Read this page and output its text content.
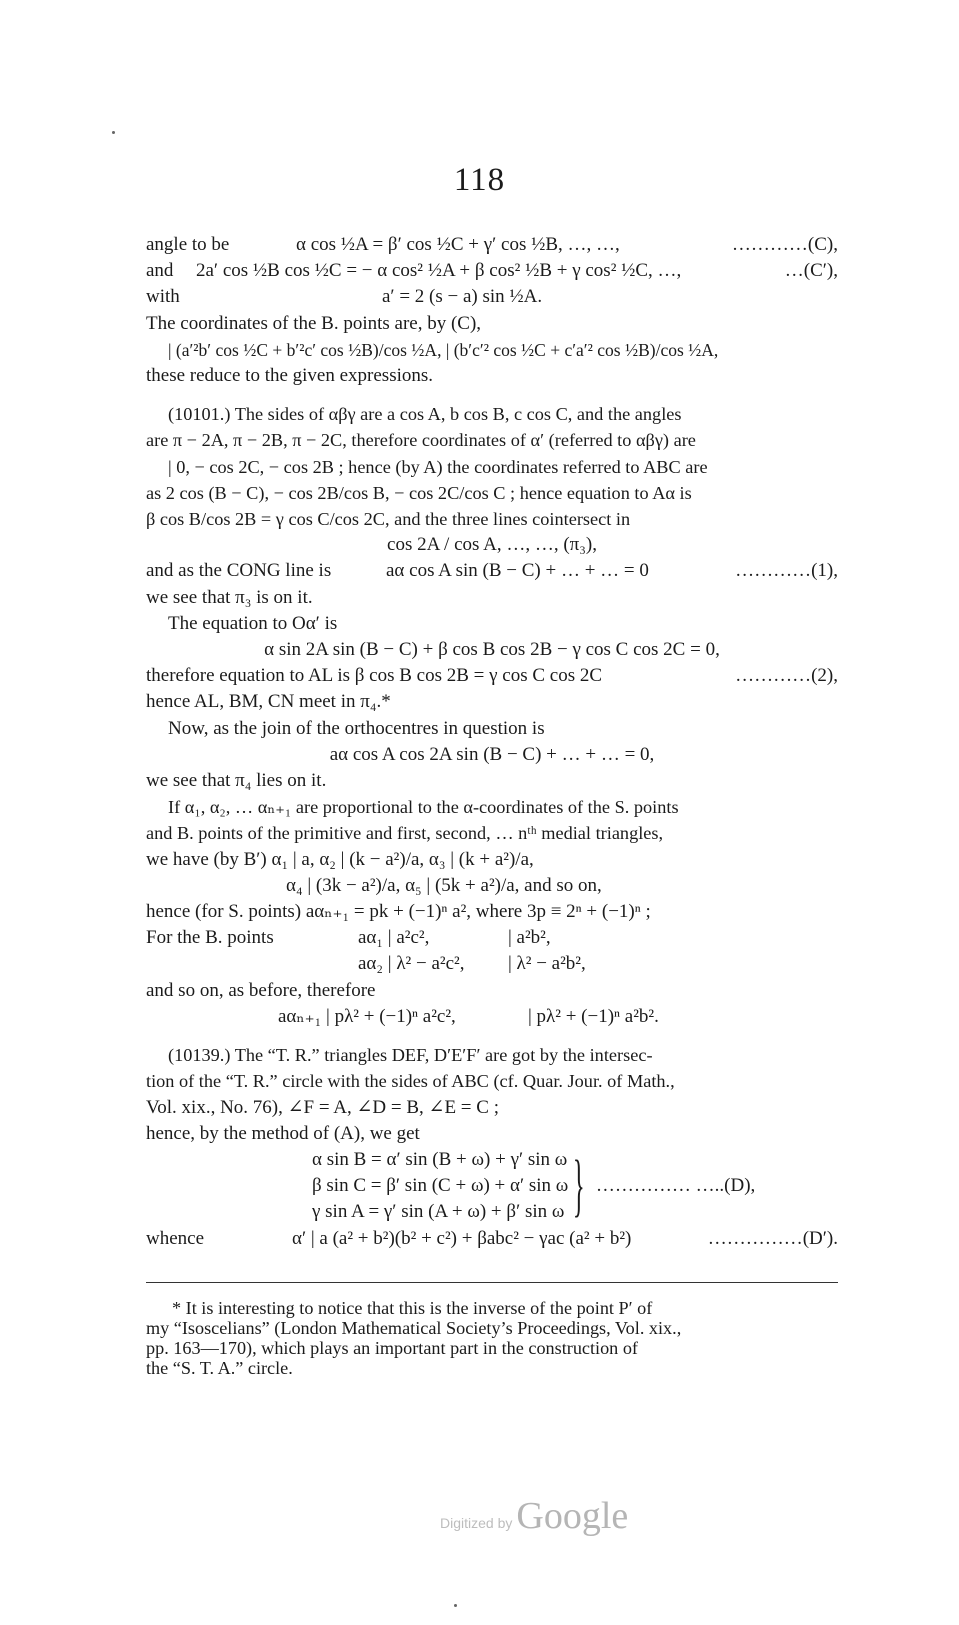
118
angle to be	α cos ½A = β′ cos ½C + γ′ cos ½B, …, …,	…………(C),
and	2a′ cos ½B cos ½C = − α cos² ½A + β cos² ½B + γ cos² ½C, …,	…(C′),
with	a′ = 2 (s − a) sin ½A.
The coordinates of the B. points are, by (C),
| (a′²b′ cos ½C + b′²c′ cos ½B)/cos ½A, | (b′c′² cos ½C + c′a′² cos ½B)/cos ½A,
these reduce to the given expressions.
(10101.) The sides of αβγ are a cos A, b cos B, c cos C, and the angles
are π − 2A, π − 2B, π − 2C, therefore coordinates of α′ (referred to αβγ) are
| 0, − cos 2C, − cos 2B ; hence (by A) the coordinates referred to ABC are
as 2 cos (B − C), − cos 2B/cos B, − cos 2C/cos C ; hence equation to Aα is
β cos B/cos 2B = γ cos C/cos 2C, and the three lines cointersect in
cos 2A / cos A, …, …, (π₃),
and as the CONG line is	aα cos A sin (B − C) + … + … = 0	…………(1),
we see that π₃ is on it.
The equation to Oα′ is
α sin 2A sin (B − C) + β cos B cos 2B − γ cos C cos 2C = 0,
therefore equation to AL is β cos B cos 2B = γ cos C cos 2C	…………(2),
hence AL, BM, CN meet in π₄.*
Now, as the join of the orthocentres in question is
aα cos A cos 2A sin (B − C) + … + … = 0,
we see that π₄ lies on it.
If α₁, α₂, … αₙ₊₁ are proportional to the α-coordinates of the S. points
and B. points of the primitive and first, second, … nᵗʰ medial triangles,
we have (by B′) α₁ | a, α₂ | (k − a²)/a, α₃ | (k + a²)/a,
α₄ | (3k − a²)/a, α₅ | (5k + a²)/a, and so on,
hence (for S. points) aαₙ₊₁ = pk + (−1)ⁿ a², where 3p ≡ 2ⁿ + (−1)ⁿ ;
For the B. points	aα₁ | a²c²,	| a²b²,
aα₂ | λ² − a²c²,	| λ² − a²b²,
and so on, as before, therefore
aαₙ₊₁ | pλ² + (−1)ⁿ a²c²,	| pλ² + (−1)ⁿ a²b².
(10139.) The “T. R.” triangles DEF, D′E′F′ are got by the intersec-
tion of the “T. R.” circle with the sides of ABC (cf. Quar. Jour. of Math.,
Vol. xix., No. 76), ∠F = A, ∠D = B, ∠E = C ;
hence, by the method of (A), we get
α sin B = α′ sin (B + ω) + γ′ sin ω
β sin C = β′ sin (C + ω) + α′ sin ω
γ sin A = γ′ sin (A + ω) + β′ sin ω } …………… …..(D),
whence	α′ | a (a² + b²)(b² + c²) + βabc² − γac (a² + b²)	……………(D′).
* It is interesting to notice that this is the inverse of the point P′ of
my “Isoscelians” (London Mathematical Society’s Proceedings, Vol. xix.,
pp. 163—170), which plays an important part in the construction of
the “S. T. A.” circle.
Digitized by Google
